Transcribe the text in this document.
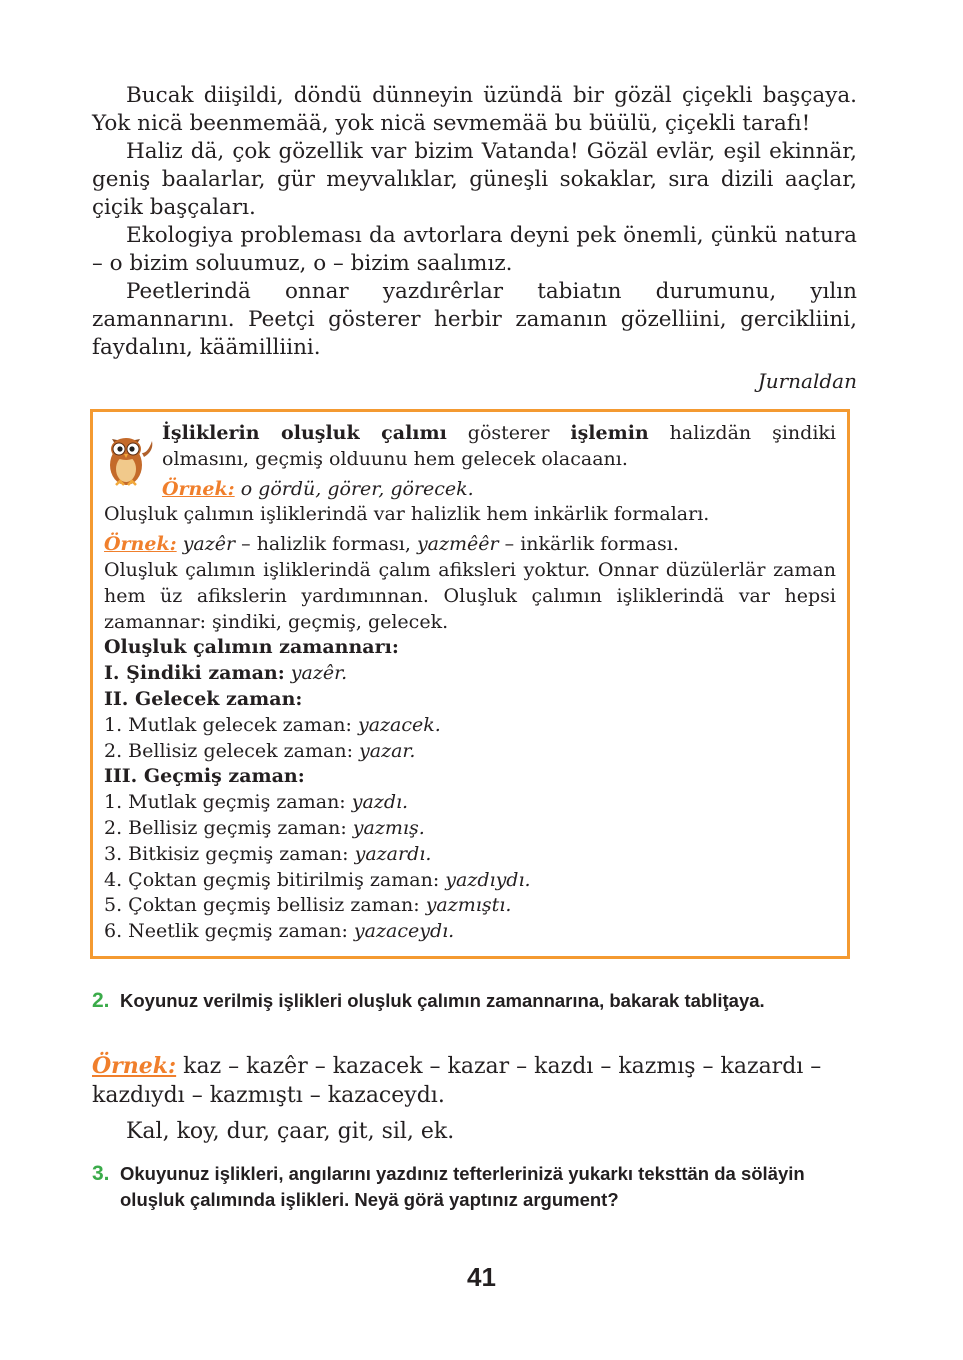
Bucak diişildi, döndü dünneyin üzündä bir gözäl çiçekli başçaya. Yok nicä beenmemää, yok nicä sevmemää bu büülü, çiçekli tarafı!

Haliz dä, çok gözellik var bizim Vatanda! Gözäl evlär, eşil ekinnär, geniş baalarlar, gür meyvalıklar, güneşli sokaklar, sıra dizili aaçlar, çiçik başçaları.

Ekologiya probleması da avtorlara deyni pek önemli, çünkü natura – o bizim soluumuz, o – bizim saalımız.

Peetlerindä onnar yazdırêrlar tabiatın durumunu, yılın zamannarını. Peetçi gösterer herbir zamanın gözelliini, gercikliini, faydalını, käämilliini.

Jurnaldan

İşliklerin oluşluk çalımı gösterer işlemin halizdän şindiki olmasını, geçmiş olduunu hem gelecek olacaanı.

Örnek: o gördü, görer, görecek.

Oluşluk çalımın işliklerindä var halizlik hem inkärlik formaları.

Örnek: yazêr – halizlik forması, yazmêêr – inkärlik forması.

Oluşluk çalımın işliklerindä çalım afiksleri yoktur. Onnar düzülerlär zaman hem üz afikslerin yardımınnan. Oluşluk çalımın işliklerindä var hepsi zamannar: şindiki, geçmiş, gelecek.

Oluşluk çalımın zamannarı:

I. Şindiki zaman: yazêr.

II. Gelecek zaman:

1. Mutlak gelecek zaman: yazacek.

2. Bellisiz gelecek zaman: yazar.

III. Geçmiş zaman:

1. Mutlak geçmiş zaman: yazdı.

2. Bellisiz geçmiş zaman: yazmış.

3. Bitkisiz geçmiş zaman: yazardı.

4. Çoktan geçmiş bitirilmiş zaman: yazdıydı.

5. Çoktan geçmiş bellisiz zaman: yazmıştı.

6. Neetlik geçmiş zaman: yazaceydı.

2. Koyunuz verilmiş işlikleri oluşluk çalımın zamannarına, bakarak tabliţaya.
Örnek: kaz – kazêr – kazacek – kazar – kazdı – kazmış – kazardı – kazdıydı – kazmıştı – kazaceydı.
Kal, koy, dur, çaar, git, sil, ek.
3. Okuyunuz işlikleri, angılarını yazdınız tefterlerinizä yukarkı teksttän da söläyin oluşluk çalımında işlikleri. Neyä görä yaptınız argument?
41
